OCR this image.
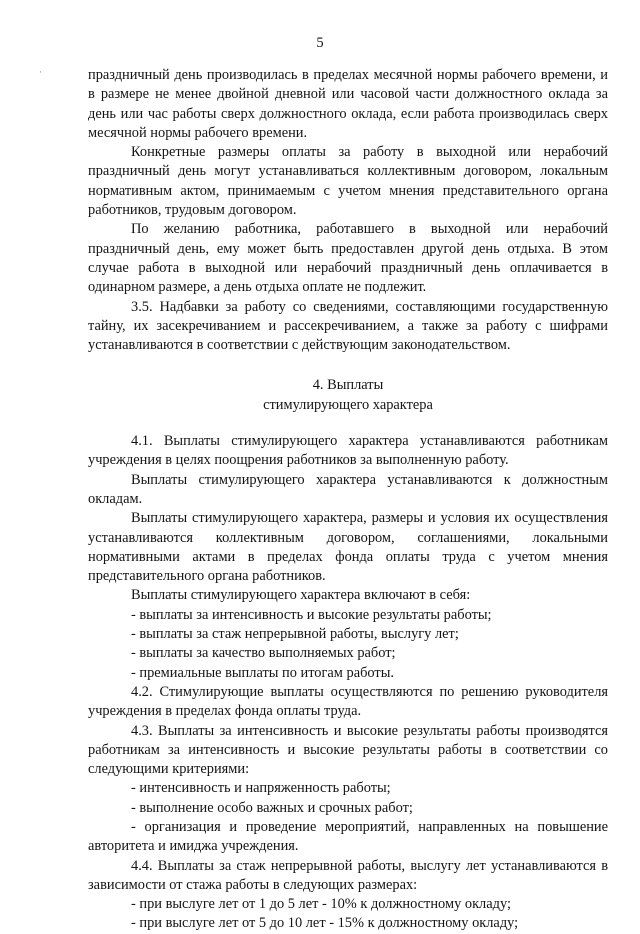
5
·	праздничный день производилась в пределах месячной нормы рабочего времени, и в размере не менее двойной дневной или часовой части должностного оклада за день или час работы сверх должностного оклада, если работа производилась сверх месячной нормы рабочего времени.

Конкретные размеры оплаты за работу в выходной или нерабочий праздничный день могут устанавливаться коллективным договором, локальным нормативным актом, принимаемым с учетом мнения представительного органа работников, трудовым договором.

По желанию работника, работавшего в выходной или нерабочий праздничный день, ему может быть предоставлен другой день отдыха. В этом случае работа в выходной или нерабочий праздничный день оплачивается в одинарном размере, а день отдыха оплате не подлежит.

3.5. Надбавки за работу со сведениями, составляющими государственную тайну, их засекречиванием и рассекречиванием, а также за работу с шифрами устанавливаются в соответствии с действующим законодательством.

4. Выплаты
стимулирующего характера

4.1. Выплаты стимулирующего характера устанавливаются работникам учреждения в целях поощрения работников за выполненную работу.

Выплаты стимулирующего характера устанавливаются к должностным окладам.

Выплаты стимулирующего характера, размеры и условия их осуществления устанавливаются коллективным договором, соглашениями, локальными нормативными актами в пределах фонда оплаты труда с учетом мнения представительного органа работников.

Выплаты стимулирующего характера включают в себя:

- выплаты за интенсивность и высокие результаты работы;

- выплаты за стаж непрерывной работы, выслугу лет;

- выплаты за качество выполняемых работ;

- премиальные выплаты по итогам работы.

4.2. Стимулирующие выплаты осуществляются по решению руководителя учреждения в пределах фонда оплаты труда.

4.3. Выплаты за интенсивность и высокие результаты работы производятся работникам за интенсивность и высокие результаты работы в соответствии со следующими критериями:

- интенсивность и напряженность работы;

- выполнение особо важных и срочных работ;

- организация и проведение мероприятий, направленных на повышение авторитета и имиджа учреждения.

4.4. Выплаты за стаж непрерывной работы, выслугу лет устанавливаются в зависимости от стажа работы в следующих размерах:

- при выслуге лет от 1 до 5 лет - 10% к должностному окладу;

- при выслуге лет от 5 до 10 лет - 15% к должностному окладу;
